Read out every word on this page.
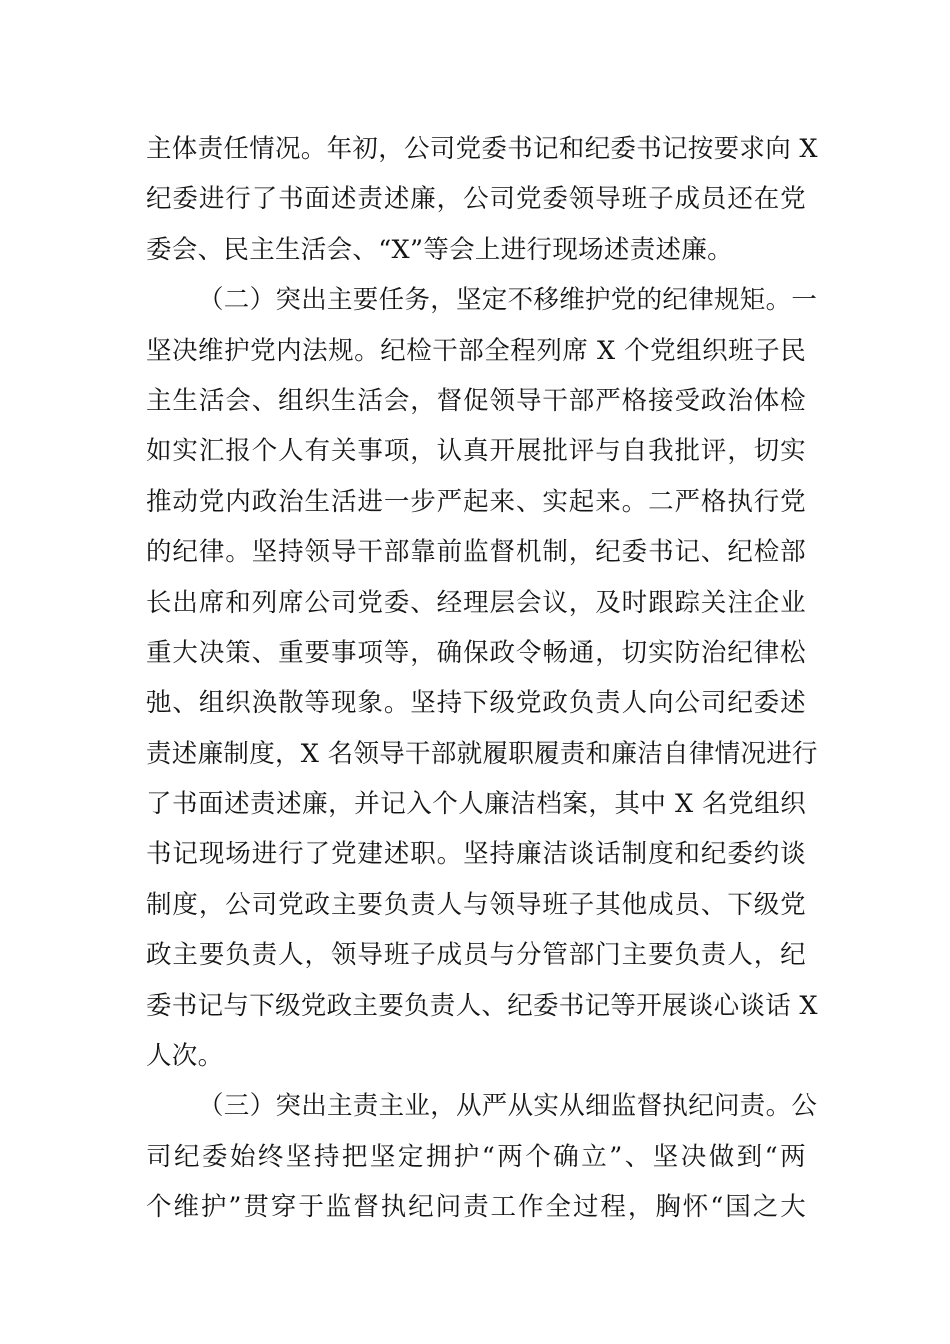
主体责任情况。年初，公司党委书记和纪委书记按要求向 X
纪委进行了书面述责述廉，公司党委领导班子成员还在党
委会、民主生活会、“X”等会上进行现场述责述廉。
（二）突出主要任务，坚定不移维护党的纪律规矩。一
坚决维护党内法规。纪检干部全程列席 X 个党组织班子民
主生活会、组织生活会，督促领导干部严格接受政治体检
如实汇报个人有关事项，认真开展批评与自我批评，切实
推动党内政治生活进一步严起来、实起来。二严格执行党
的纪律。坚持领导干部靠前监督机制，纪委书记、纪检部
长出席和列席公司党委、经理层会议，及时跟踪关注企业
重大决策、重要事项等，确保政令畅通，切实防治纪律松
弛、组织涣散等现象。坚持下级党政负责人向公司纪委述
责述廉制度，X 名领导干部就履职履责和廉洁自律情况进行
了书面述责述廉，并记入个人廉洁档案，其中 X 名党组织
书记现场进行了党建述职。坚持廉洁谈话制度和纪委约谈
制度，公司党政主要负责人与领导班子其他成员、下级党
政主要负责人，领导班子成员与分管部门主要负责人，纪
委书记与下级党政主要负责人、纪委书记等开展谈心谈话 X
人次。
（三）突出主责主业，从严从实从细监督执纪问责。公
司纪委始终坚持把坚定拥护“两个确立”、坚决做到“两
个维护”贯穿于监督执纪问责工作全过程，胸怀“国之大
